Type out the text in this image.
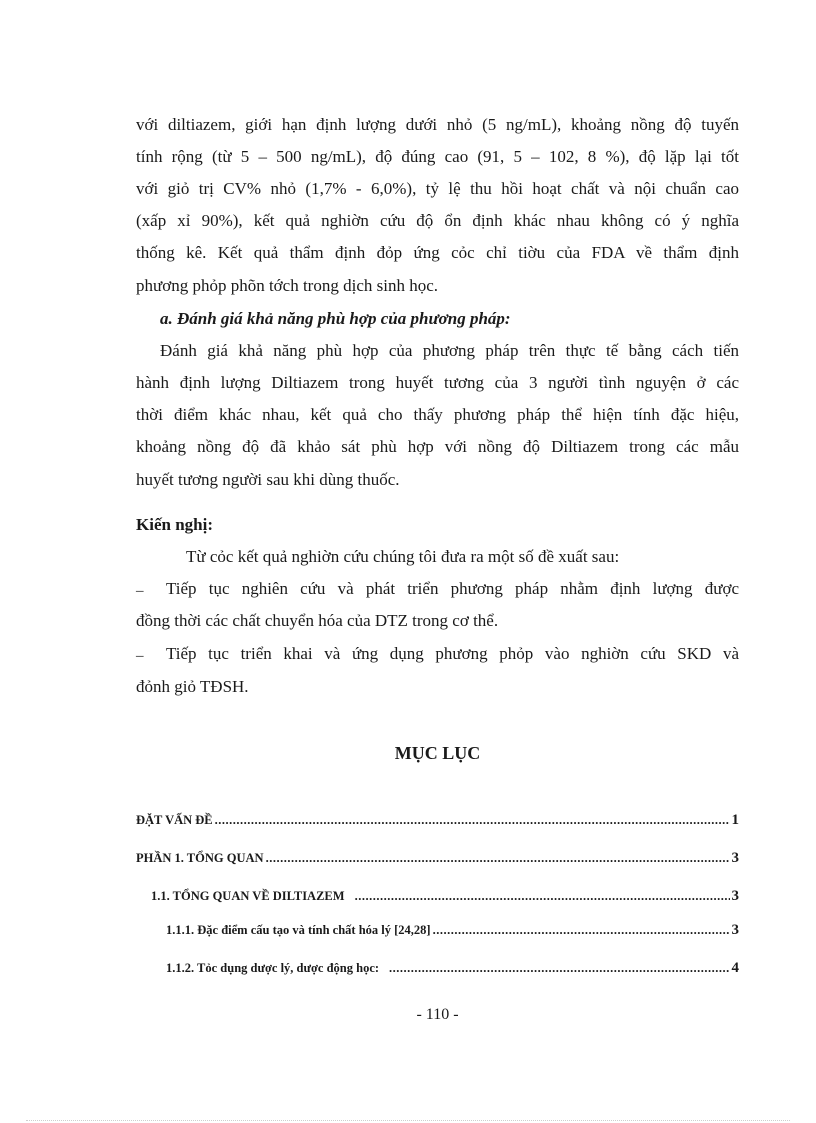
với diltiazem, giới hạn định lượng dưới nhỏ (5 ng/mL), khoảng nồng độ tuyến
tính rộng (từ 5 – 500 ng/mL), độ đúng cao (91, 5 – 102, 8 %), độ lặp lại tốt
với giỏ trị CV% nhỏ (1,7% - 6,0%), tỷ lệ thu hồi hoạt chất và nội chuẩn cao
(xấp xỉ 90%), kết quả nghiờn cứu độ ổn định khác nhau không có ý nghĩa
thống kê. Kết quả thẩm định đỏp ứng cỏc chỉ tiờu của FDA về thẩm định
phương phỏp phõn tớch trong dịch sinh học.
a. Đánh giá khả năng phù hợp của phương pháp:
Đánh giá khả năng phù hợp của phương pháp trên thực tế bằng cách tiến
hành định lượng Diltiazem trong huyết tương của 3 người tình nguyện ở các
thời điểm khác nhau, kết quả cho thấy phương pháp thể hiện tính đặc hiệu,
khoảng nồng độ đã khảo sát phù hợp với nồng độ Diltiazem trong các mẫu
huyết tương người sau khi dùng thuốc.
Kiến nghị:
Từ cỏc kết quả nghiờn cứu chúng tôi đưa ra một số đề xuất sau:
– Tiếp tục nghiên cứu và phát triển phương pháp nhằm định lượng được
đồng thời các chất chuyển hóa của DTZ trong cơ thể.
– Tiếp tục triển khai và ứng dụng phương phỏp vào nghiờn cứu SKD và
đỏnh giỏ TĐSH.
MỤC LỤC
ĐẶT VẤN ĐỀ .....	1
PHẦN 1. TỔNG QUAN .....	3
1.1. TỔNG QUAN VỀ DILTIAZEM .....	3
1.1.1. Đặc điểm cấu tạo và tính chất hóa lý [24,28] .....	3
1.1.2. Tỏc dụng dược lý, dược động học: .....	4
- 110 -
